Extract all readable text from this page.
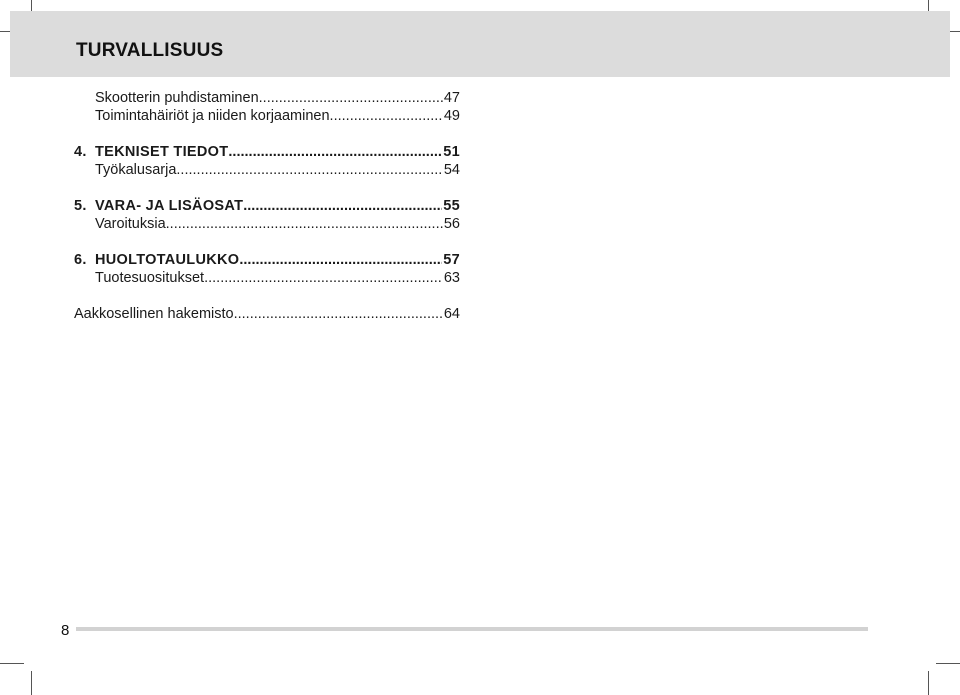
TURVALLISUUS
Skootterin puhdistaminen .....	47
Toimintahäiriöt ja niiden korjaaminen .....	49
4. TEKNISET TIEDOT .....	51
Työkalusarja .....	54
5. VARA- JA LISÄOSAT .....	55
Varoituksia .....	56
6. HUOLTOTAULUKKO .....	57
Tuotesuositukset .....	63
Aakkosellinen hakemisto .....	64
8
